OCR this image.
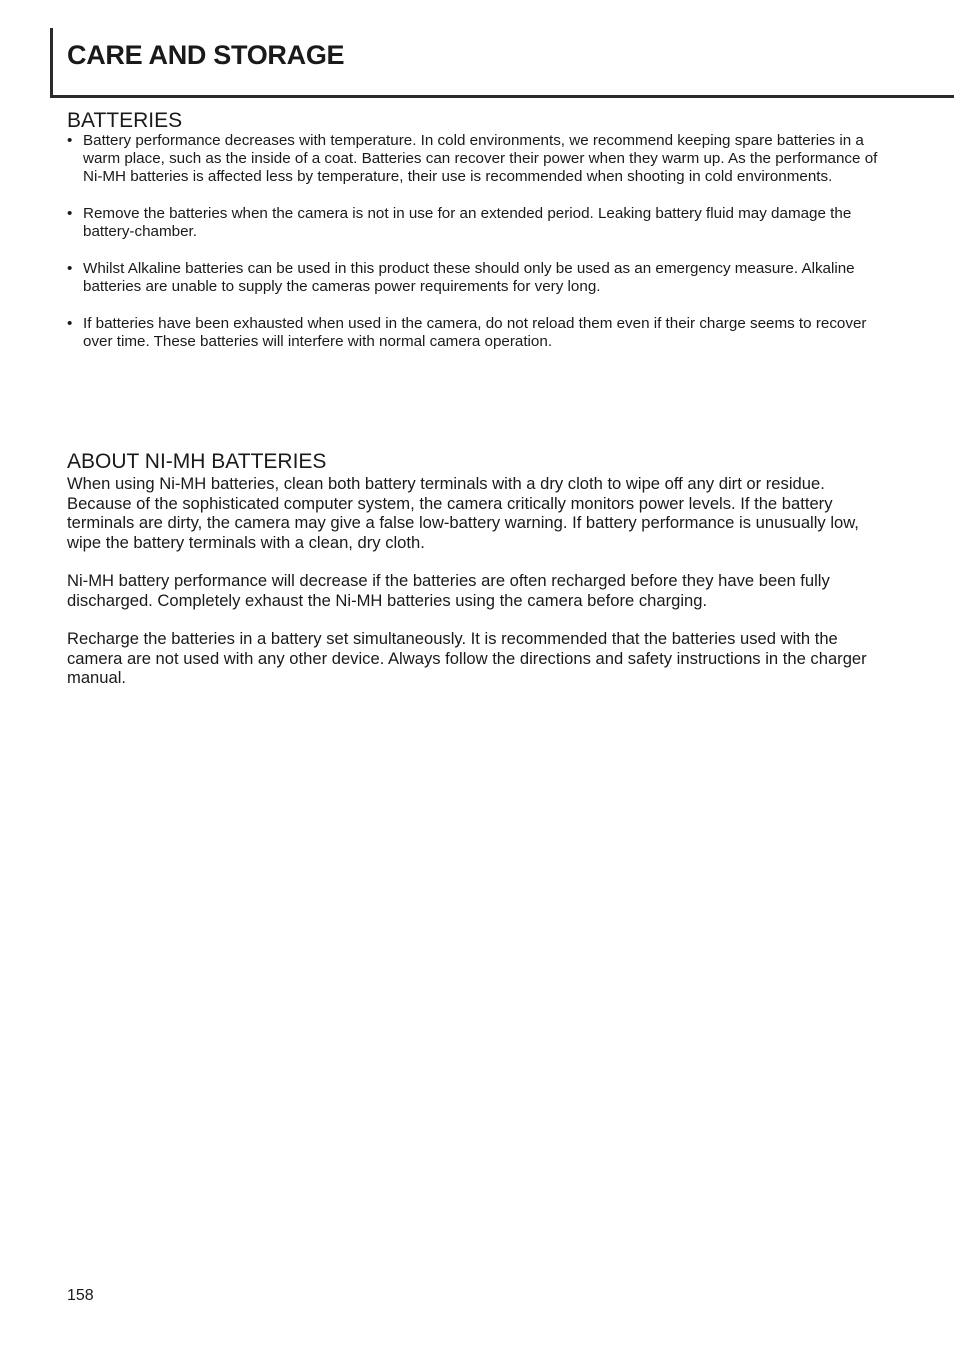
CARE AND STORAGE
BATTERIES
• Battery performance decreases with temperature. In cold environments, we recommend keeping spare batteries in a warm place, such as the inside of a coat. Batteries can recover their power when they warm up. As the performance of Ni-MH batteries is affected less by temperature, their use is recommended when shooting in cold environments.
• Remove the batteries when the camera is not in use for an extended period. Leaking battery fluid may damage the battery-chamber.
• Whilst Alkaline batteries can be used in this product these should only be used as an emergency measure. Alkaline batteries are unable to supply the cameras power requirements for very long.
• If batteries have been exhausted when used in the camera, do not reload them even if their charge seems to recover over time. These batteries will interfere with normal camera operation.
ABOUT NI-MH BATTERIES

When using Ni-MH batteries, clean both battery terminals with a dry cloth to wipe off any dirt or residue. Because of the sophisticated computer system, the camera critically monitors power levels. If the battery terminals are dirty, the camera may give a false low-battery warning. If battery performance is unusually low, wipe the battery terminals with a clean, dry cloth.

Ni-MH battery performance will decrease if the batteries are often recharged before they have been fully discharged. Completely exhaust the Ni-MH batteries using the camera before charging.

Recharge the batteries in a battery set simultaneously. It is recommended that the batteries used with the camera are not used with any other device. Always follow the directions and safety instructions in the charger manual.

158
